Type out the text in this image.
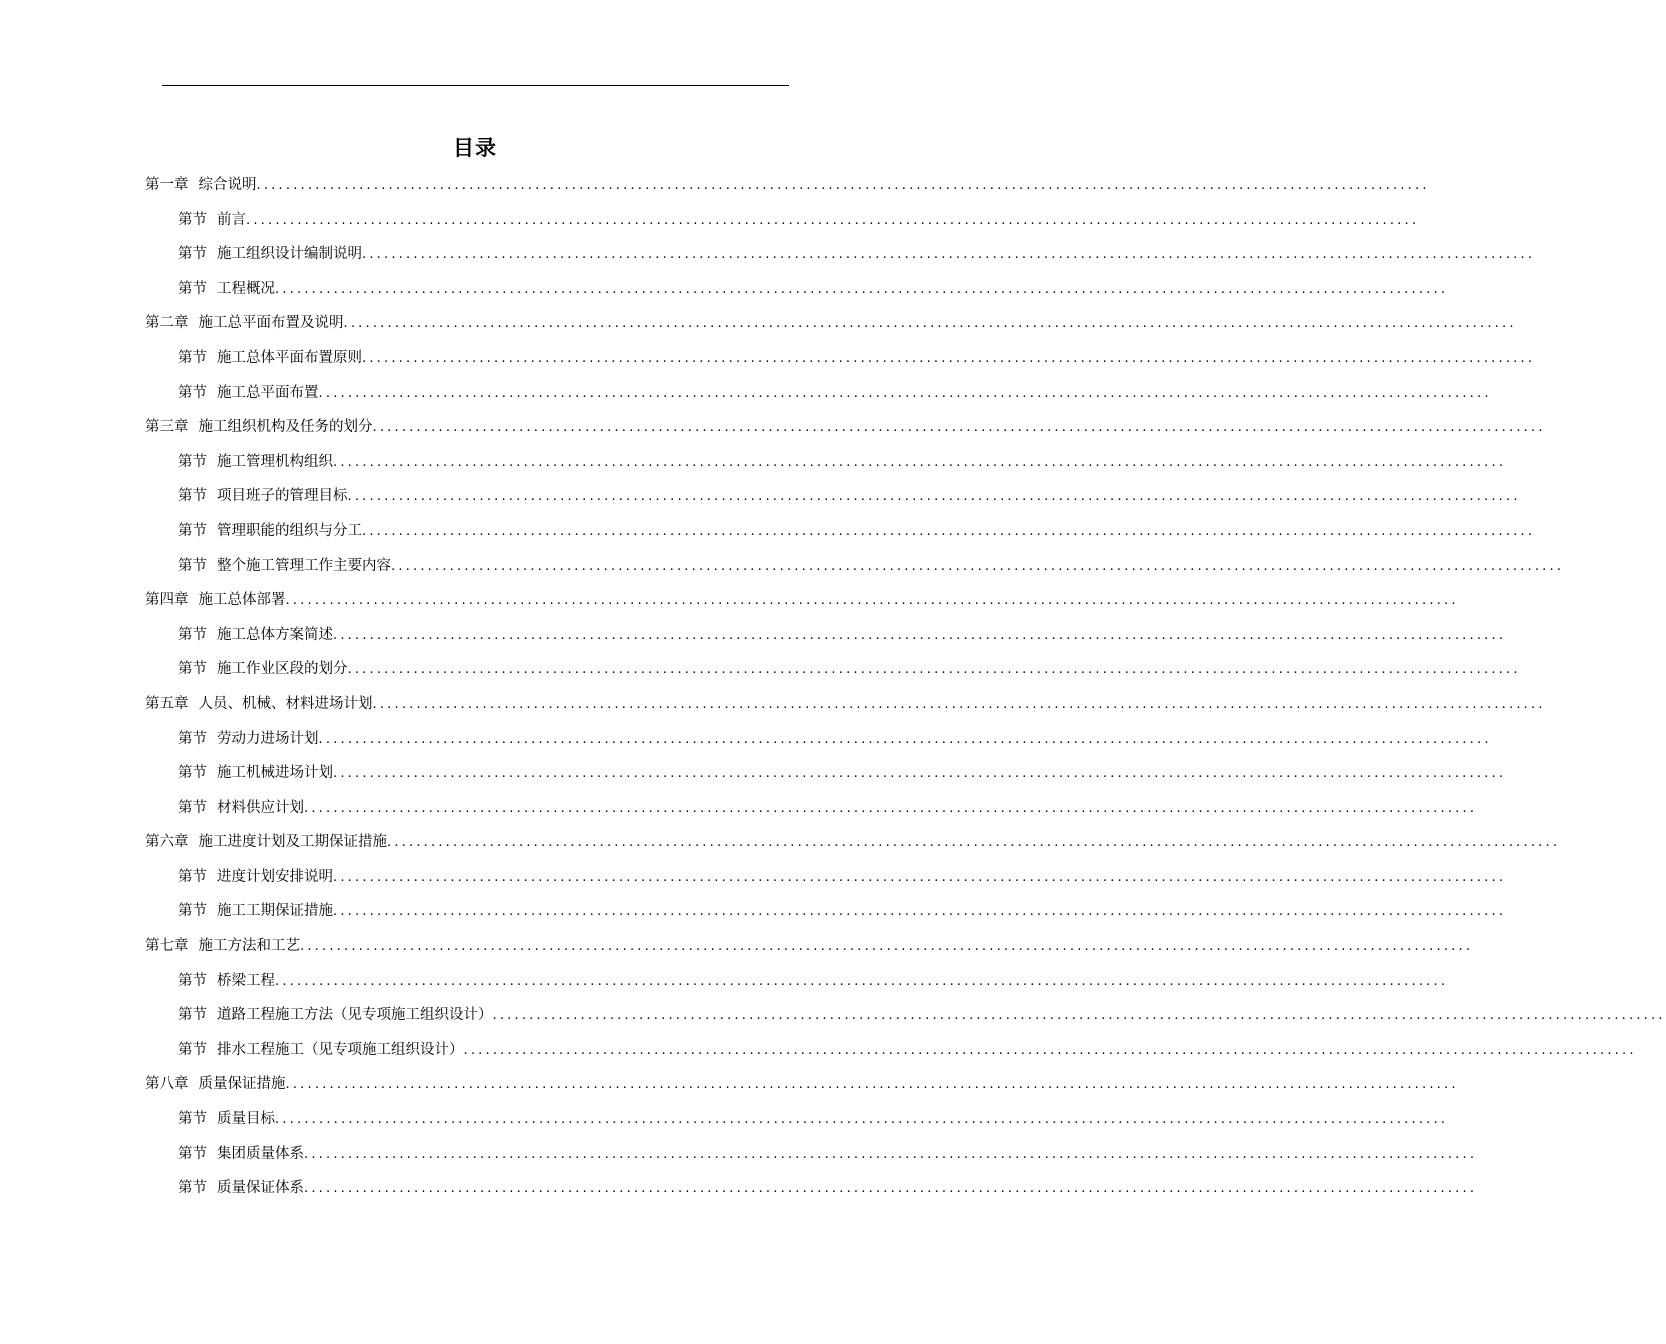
目录
第一章 综合说明 ................................................................................................................................................................
第节 前言 ................................................................................................................................................................
第节 施工组织设计编制说明 ................................................................................................................................................................
第节 工程概况 ................................................................................................................................................................
第二章 施工总平面布置及说明 ................................................................................................................................................................
第节 施工总体平面布置原则 ................................................................................................................................................................
第节 施工总平面布置 ................................................................................................................................................................
第三章 施工组织机构及任务的划分 ................................................................................................................................................................
第节 施工管理机构组织 ................................................................................................................................................................
第节 项目班子的管理目标 ................................................................................................................................................................
第节 管理职能的组织与分工 ................................................................................................................................................................
第节 整个施工管理工作主要内容 ................................................................................................................................................................
第四章 施工总体部署 ................................................................................................................................................................
第节 施工总体方案简述 ................................................................................................................................................................
第节 施工作业区段的划分 ................................................................................................................................................................
第五章 人员、机械、材料进场计划 ................................................................................................................................................................
第节 劳动力进场计划 ................................................................................................................................................................
第节 施工机械进场计划 ................................................................................................................................................................
第节 材料供应计划 ................................................................................................................................................................
第六章 施工进度计划及工期保证措施 ................................................................................................................................................................
第节 进度计划安排说明 ................................................................................................................................................................
第节 施工工期保证措施 ................................................................................................................................................................
第七章 施工方法和工艺 ................................................................................................................................................................
第节 桥梁工程 ................................................................................................................................................................
第节 道路工程施工方法（见专项施工组织设计） ................................................................................................................................................................
第节 排水工程施工（见专项施工组织设计） ................................................................................................................................................................
第八章 质量保证措施 ................................................................................................................................................................
第节 质量目标 ................................................................................................................................................................
第节 集团质量体系 ................................................................................................................................................................
第节 质量保证体系 ................................................................................................................................................................
